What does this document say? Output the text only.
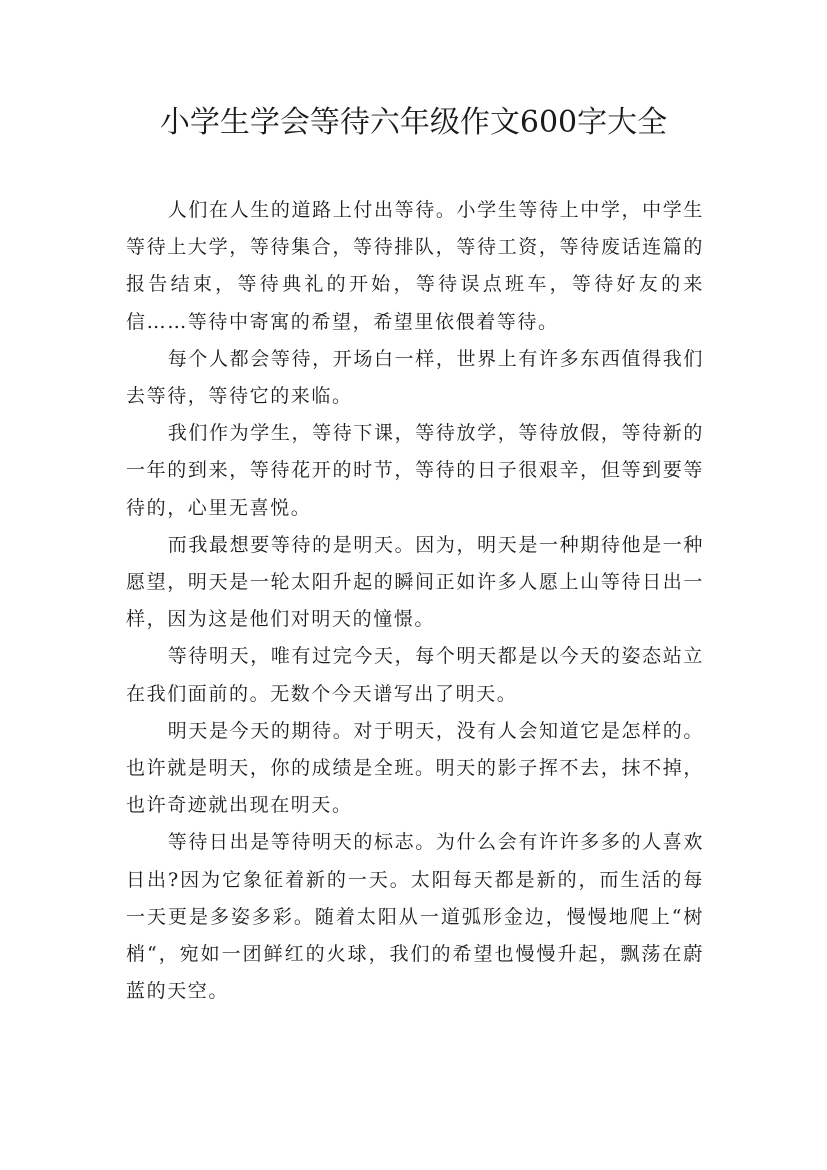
小学生学会等待六年级作文600字大全

人们在人生的道路上付出等待。小学生等待上中学，中学生等待上大学，等待集合，等待排队，等待工资，等待废话连篇的报告结束，等待典礼的开始，等待误点班车，等待好友的来信……等待中寄寓的希望，希望里依偎着等待。

每个人都会等待，开场白一样，世界上有许多东西值得我们去等待，等待它的来临。

我们作为学生，等待下课，等待放学，等待放假，等待新的一年的到来，等待花开的时节，等待的日子很艰辛，但等到要等待的，心里无喜悦。

而我最想要等待的是明天。因为，明天是一种期待他是一种愿望，明天是一轮太阳升起的瞬间正如许多人愿上山等待日出一样，因为这是他们对明天的憧憬。

等待明天，唯有过完今天，每个明天都是以今天的姿态站立在我们面前的。无数个今天谱写出了明天。

明天是今天的期待。对于明天，没有人会知道它是怎样的。也许就是明天，你的成绩是全班。明天的影子挥不去，抹不掉，也许奇迹就出现在明天。

等待日出是等待明天的标志。为什么会有许许多多的人喜欢日出?因为它象征着新的一天。太阳每天都是新的，而生活的每一天更是多姿多彩。随着太阳从一道弧形金边，慢慢地爬上“树梢“，宛如一团鲜红的火球，我们的希望也慢慢升起，飘荡在蔚蓝的天空。
